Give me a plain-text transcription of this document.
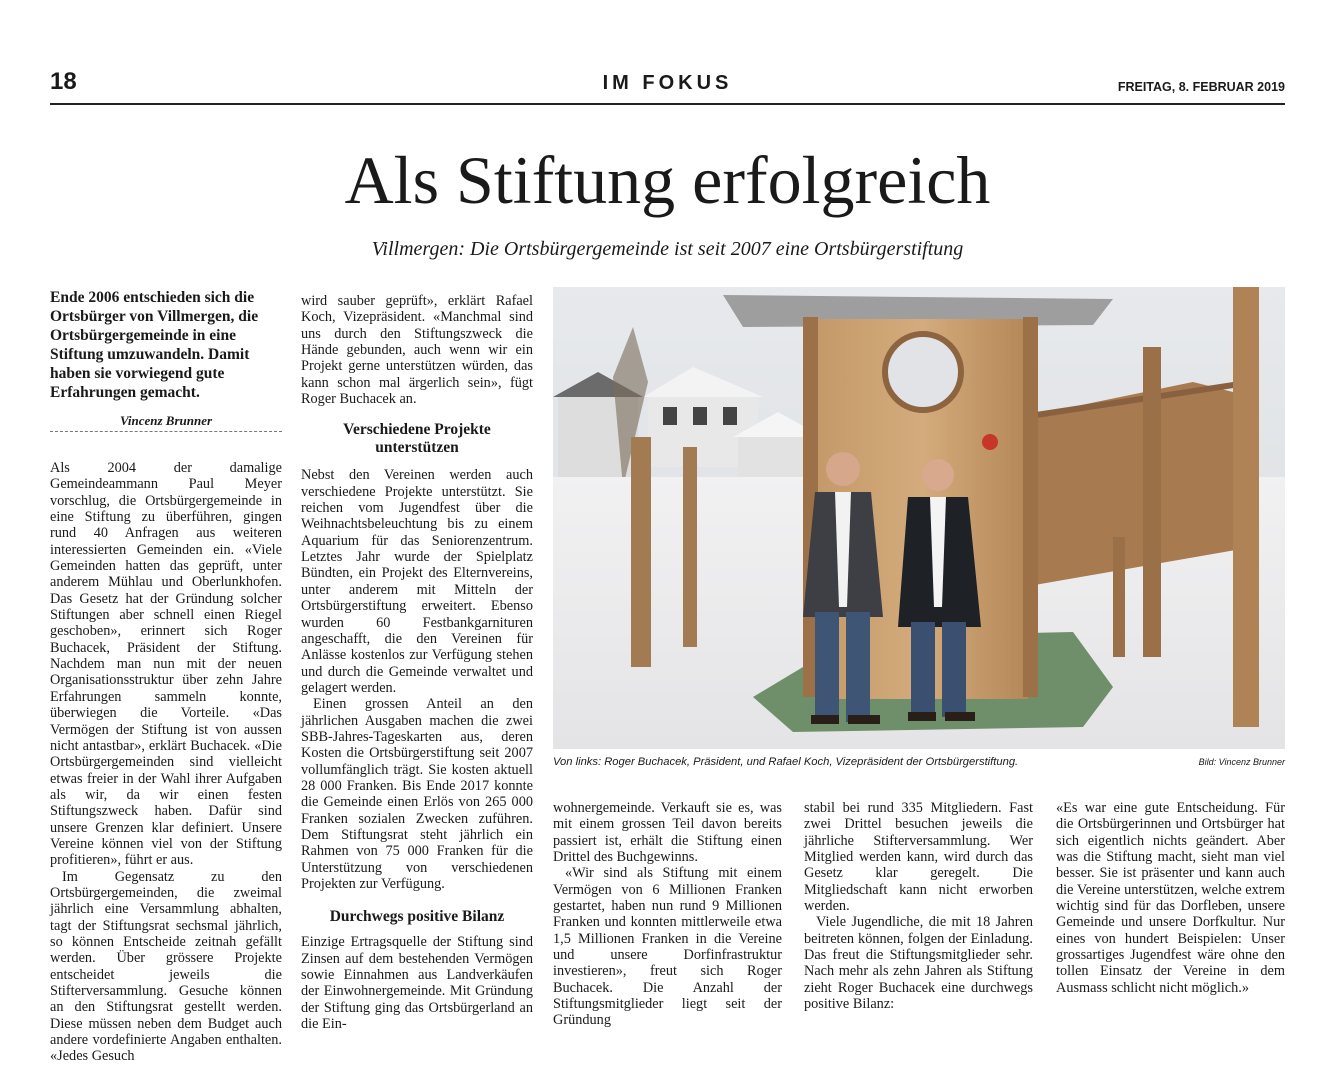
18	IM FOKUS	FREITAG, 8. FEBRUAR 2019
Als Stiftung erfolgreich
Villmergen: Die Ortsbürgergemeinde ist seit 2007 eine Ortsbürgerstiftung
Ende 2006 entschieden sich die Ortsbürger von Villmergen, die Ortsbürgergemeinde in eine Stiftung umzuwandeln. Damit haben sie vorwiegend gute Erfahrungen gemacht.
Vincenz Brunner

Als 2004 der damalige Gemeindeammann Paul Meyer vorschlug, die Ortsbürgergemeinde in eine Stiftung zu überführen, gingen rund 40 Anfragen aus weiteren interessierten Gemeinden ein. «Viele Gemeinden hatten das geprüft, unter anderem Mühlau und Oberlunkhofen. Das Gesetz hat der Gründung solcher Stiftungen aber schnell einen Riegel geschoben», erinnert sich Roger Buchacek, Präsident der Stiftung. Nachdem man nun mit der neuen Organisationsstruktur über zehn Jahre Erfahrungen sammeln konnte, überwiegen die Vorteile. «Das Vermögen der Stiftung ist von aussen nicht antastbar», erklärt Buchacek. «Die Ortsbürgergemeinden sind vielleicht etwas freier in der Wahl ihrer Aufgaben als wir, da wir einen festen Stiftungszweck haben. Dafür sind unsere Grenzen klar definiert. Unsere Vereine können viel von der Stiftung profitieren», führt er aus.

Im Gegensatz zu den Ortsbürgergemeinden, die zweimal jährlich eine Versammlung abhalten, tagt der Stiftungsrat sechsmal jährlich, so können Entscheide zeitnah gefällt werden. Über grössere Projekte entscheidet jeweils die Stifterversammlung. Gesuche können an den Stiftungsrat gestellt werden. Diese müssen neben dem Budget auch andere vordefinierte Angaben enthalten. «Jedes Gesuch

wird sauber geprüft», erklärt Rafael Koch, Vizepräsident. «Manchmal sind uns durch den Stiftungszweck die Hände gebunden, auch wenn wir ein Projekt gerne unterstützen würden, das kann schon mal ärgerlich sein», fügt Roger Buchacek an.

Verschiedene Projekte unterstützen

Nebst den Vereinen werden auch verschiedene Projekte unterstützt. Sie reichen vom Jugendfest über die Weihnachtsbeleuchtung bis zu einem Aquarium für das Seniorenzentrum. Letztes Jahr wurde der Spielplatz Bündten, ein Projekt des Elternvereins, unter anderem mit Mitteln der Ortsbürgerstiftung erweitert. Ebenso wurden 60 Festbankgarnituren angeschafft, die den Vereinen für Anlässe kostenlos zur Verfügung stehen und durch die Gemeinde verwaltet und gelagert werden.

Einen grossen Anteil an den jährlichen Ausgaben machen die zwei SBB-Jahres-Tageskarten aus, deren Kosten die Ortsbürgerstiftung seit 2007 vollumfänglich trägt. Sie kosten aktuell 28 000 Franken. Bis Ende 2017 konnte die Gemeinde einen Erlös von 265 000 Franken sozialen Zwecken zuführen. Dem Stiftungsrat steht jährlich ein Rahmen von 75 000 Franken für die Unterstützung von verschiedenen Projekten zur Verfügung.

Durchwegs positive Bilanz

Einzige Ertragsquelle der Stiftung sind Zinsen auf dem bestehenden Vermögen sowie Einnahmen aus Landverkäufen der Einwohnergemeinde. Mit Gründung der Stiftung ging das Ortsbürgerland an die Ein-

Von links: Roger Buchacek, Präsident, und Rafael Koch, Vizepräsident der Ortsbürgerstiftung.	Bild: Vincenz Brunner

wohnergemeinde. Verkauft sie es, was mit einem grossen Teil davon bereits passiert ist, erhält die Stiftung einen Drittel des Buchgewinns.

«Wir sind als Stiftung mit einem Vermögen von 6 Millionen Franken gestartet, haben nun rund 9 Millionen Franken und konnten mittlerweile etwa 1,5 Millionen Franken in die Vereine und unsere Dorfinfrastruktur investieren», freut sich Roger Buchacek. Die Anzahl der Stiftungsmitglieder liegt seit der Gründung

stabil bei rund 335 Mitgliedern. Fast zwei Drittel besuchen jeweils die jährliche Stifterversammlung. Wer Mitglied werden kann, wird durch das Gesetz klar geregelt. Die Mitgliedschaft kann nicht erworben werden.

Viele Jugendliche, die mit 18 Jahren beitreten können, folgen der Einladung. Das freut die Stiftungsmitglieder sehr. Nach mehr als zehn Jahren als Stiftung zieht Roger Buchacek eine durchwegs positive Bilanz:

«Es war eine gute Entscheidung. Für die Ortsbürgerinnen und Ortsbürger hat sich eigentlich nichts geändert. Aber was die Stiftung macht, sieht man viel besser. Sie ist präsenter und kann auch die Vereine unterstützen, welche extrem wichtig sind für das Dorfleben, unsere Gemeinde und unsere Dorfkultur. Nur eines von hundert Beispielen: Unser grossartiges Jugendfest wäre ohne den tollen Einsatz der Vereine in dem Ausmass schlicht nicht möglich.»
